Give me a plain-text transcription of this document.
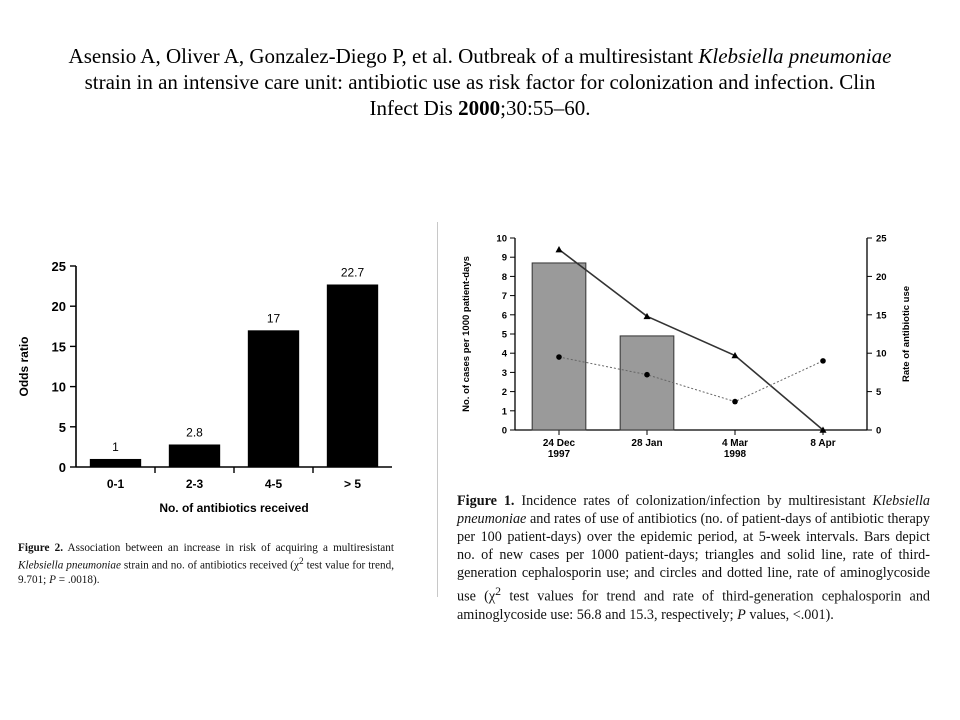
Asensio A, Oliver A, Gonzalez-Diego P, et al. Outbreak of a multiresistant Klebsiella pneumoniae strain in an intensive care unit: antibiotic use as risk factor for colonization and infection. Clin Infect Dis 2000;30:55–60.
0
5
10
15
20
25
1
0-1
2.8
2-3
17
4-5
22.7
> 5
No. of antibiotics received
Odds ratio
Figure 2. Association between an increase in risk of acquiring a multiresistant Klebsiella pneumoniae strain and no. of antibiotics received ($\chi^2$ test value for trend, 9.701; P = .0018).
0
1
2
3
4
5
6
7
8
9
10
0
5
10
15
20
25
24 Dec
1997
28 Jan	4 Mar
1998
8 Apr
No. of cases per 1000 patient-days	Rate of antibiotic use
Figure 1. Incidence rates of colonization/infection by multiresistant Klebsiella pneumoniae and rates of use of antibiotics (no. of patient-days of antibiotic therapy per 100 patient-days) over the epidemic period, at 5-week intervals. Bars depict no. of new cases per 1000 patient-days; triangles and solid line, rate of third-generation cephalosporin use; and circles and dotted line, rate of aminoglycoside use ($\chi^2$ test values for trend and rate of third-generation cephalosporin and aminoglycoside use: 56.8 and 15.3, respectively; P values, <.001).
